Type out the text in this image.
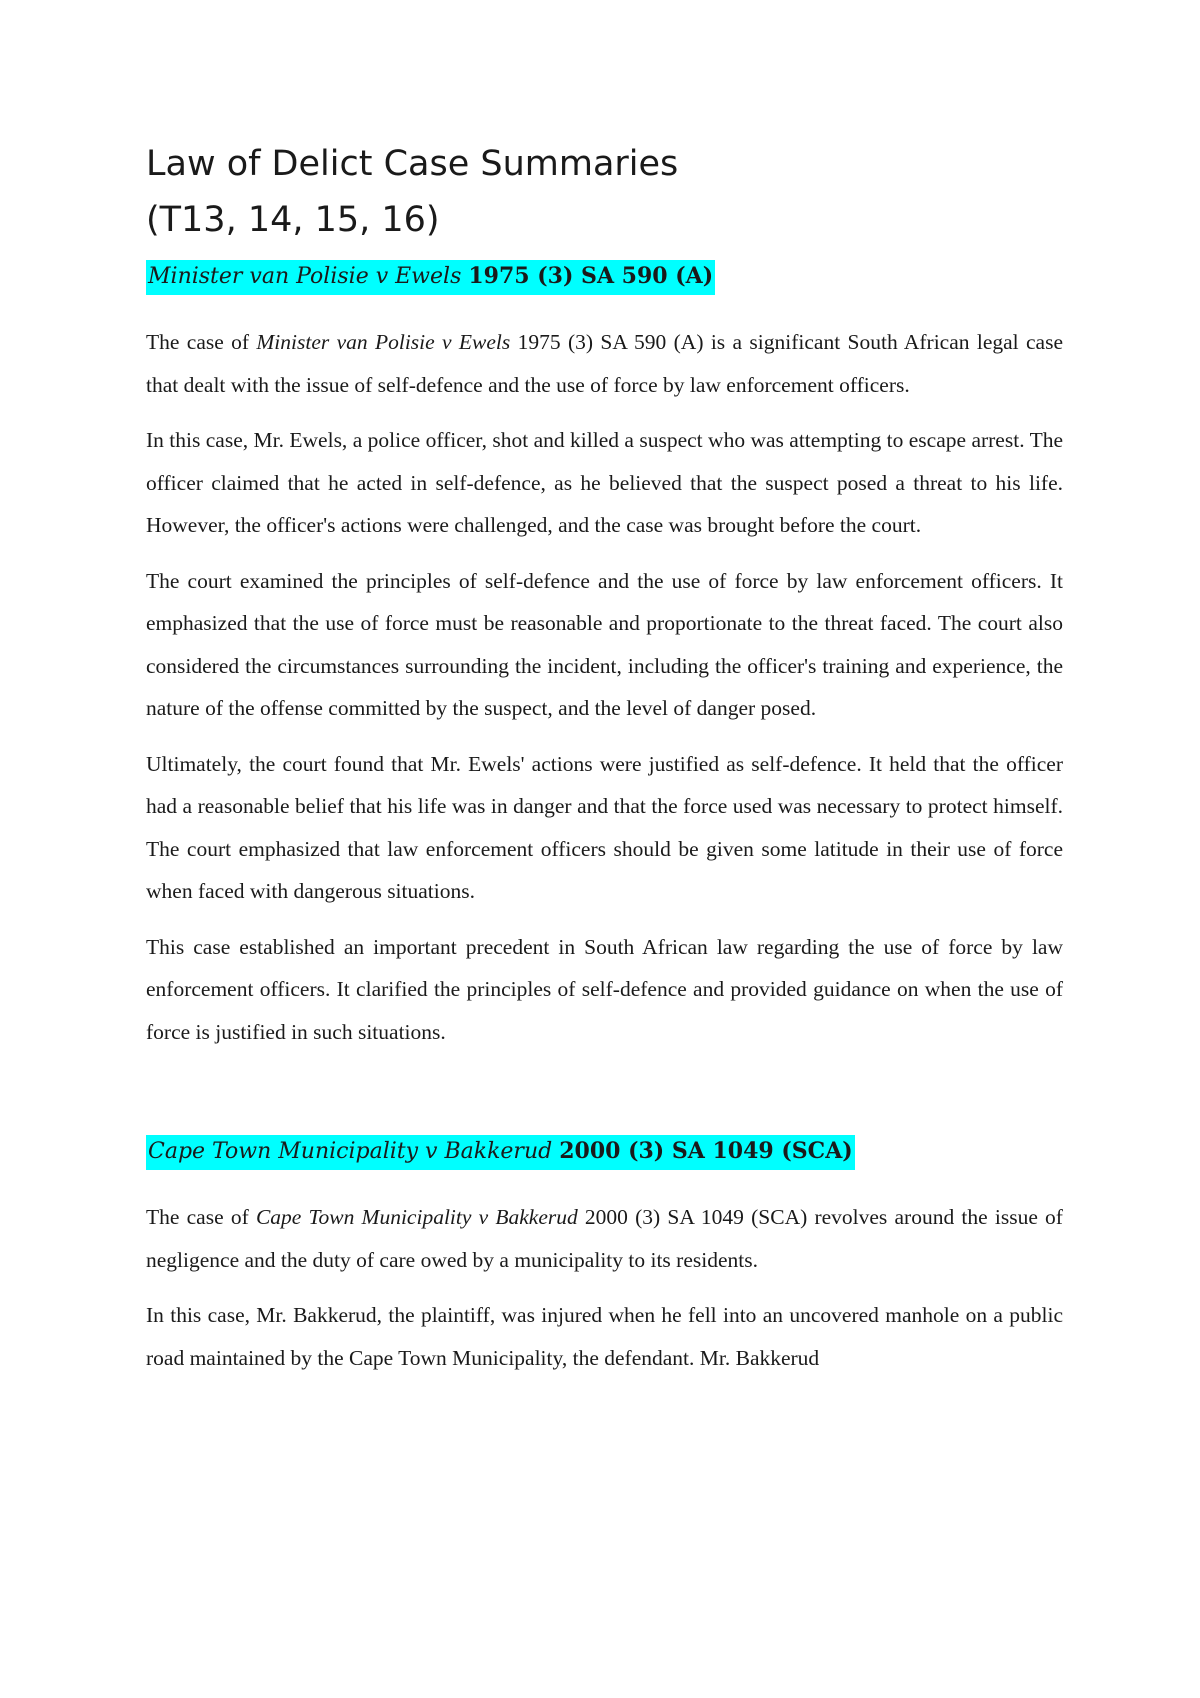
Law of Delict Case Summaries
(T13, 14, 15, 16)
Minister van Polisie v Ewels 1975 (3) SA 590 (A)

The case of Minister van Polisie v Ewels 1975 (3) SA 590 (A) is a significant South African legal case that dealt with the issue of self-defence and the use of force by law enforcement officers.

In this case, Mr. Ewels, a police officer, shot and killed a suspect who was attempting to escape arrest. The officer claimed that he acted in self-defence, as he believed that the suspect posed a threat to his life. However, the officer's actions were challenged, and the case was brought before the court.

The court examined the principles of self-defence and the use of force by law enforcement officers. It emphasized that the use of force must be reasonable and proportionate to the threat faced. The court also considered the circumstances surrounding the incident, including the officer's training and experience, the nature of the offense committed by the suspect, and the level of danger posed.

Ultimately, the court found that Mr. Ewels' actions were justified as self-defence. It held that the officer had a reasonable belief that his life was in danger and that the force used was necessary to protect himself. The court emphasized that law enforcement officers should be given some latitude in their use of force when faced with dangerous situations.

This case established an important precedent in South African law regarding the use of force by law enforcement officers. It clarified the principles of self-defence and provided guidance on when the use of force is justified in such situations.

Cape Town Municipality v Bakkerud 2000 (3) SA 1049 (SCA)

The case of Cape Town Municipality v Bakkerud 2000 (3) SA 1049 (SCA) revolves around the issue of negligence and the duty of care owed by a municipality to its residents.

In this case, Mr. Bakkerud, the plaintiff, was injured when he fell into an uncovered manhole on a public road maintained by the Cape Town Municipality, the defendant. Mr. Bakkerud
